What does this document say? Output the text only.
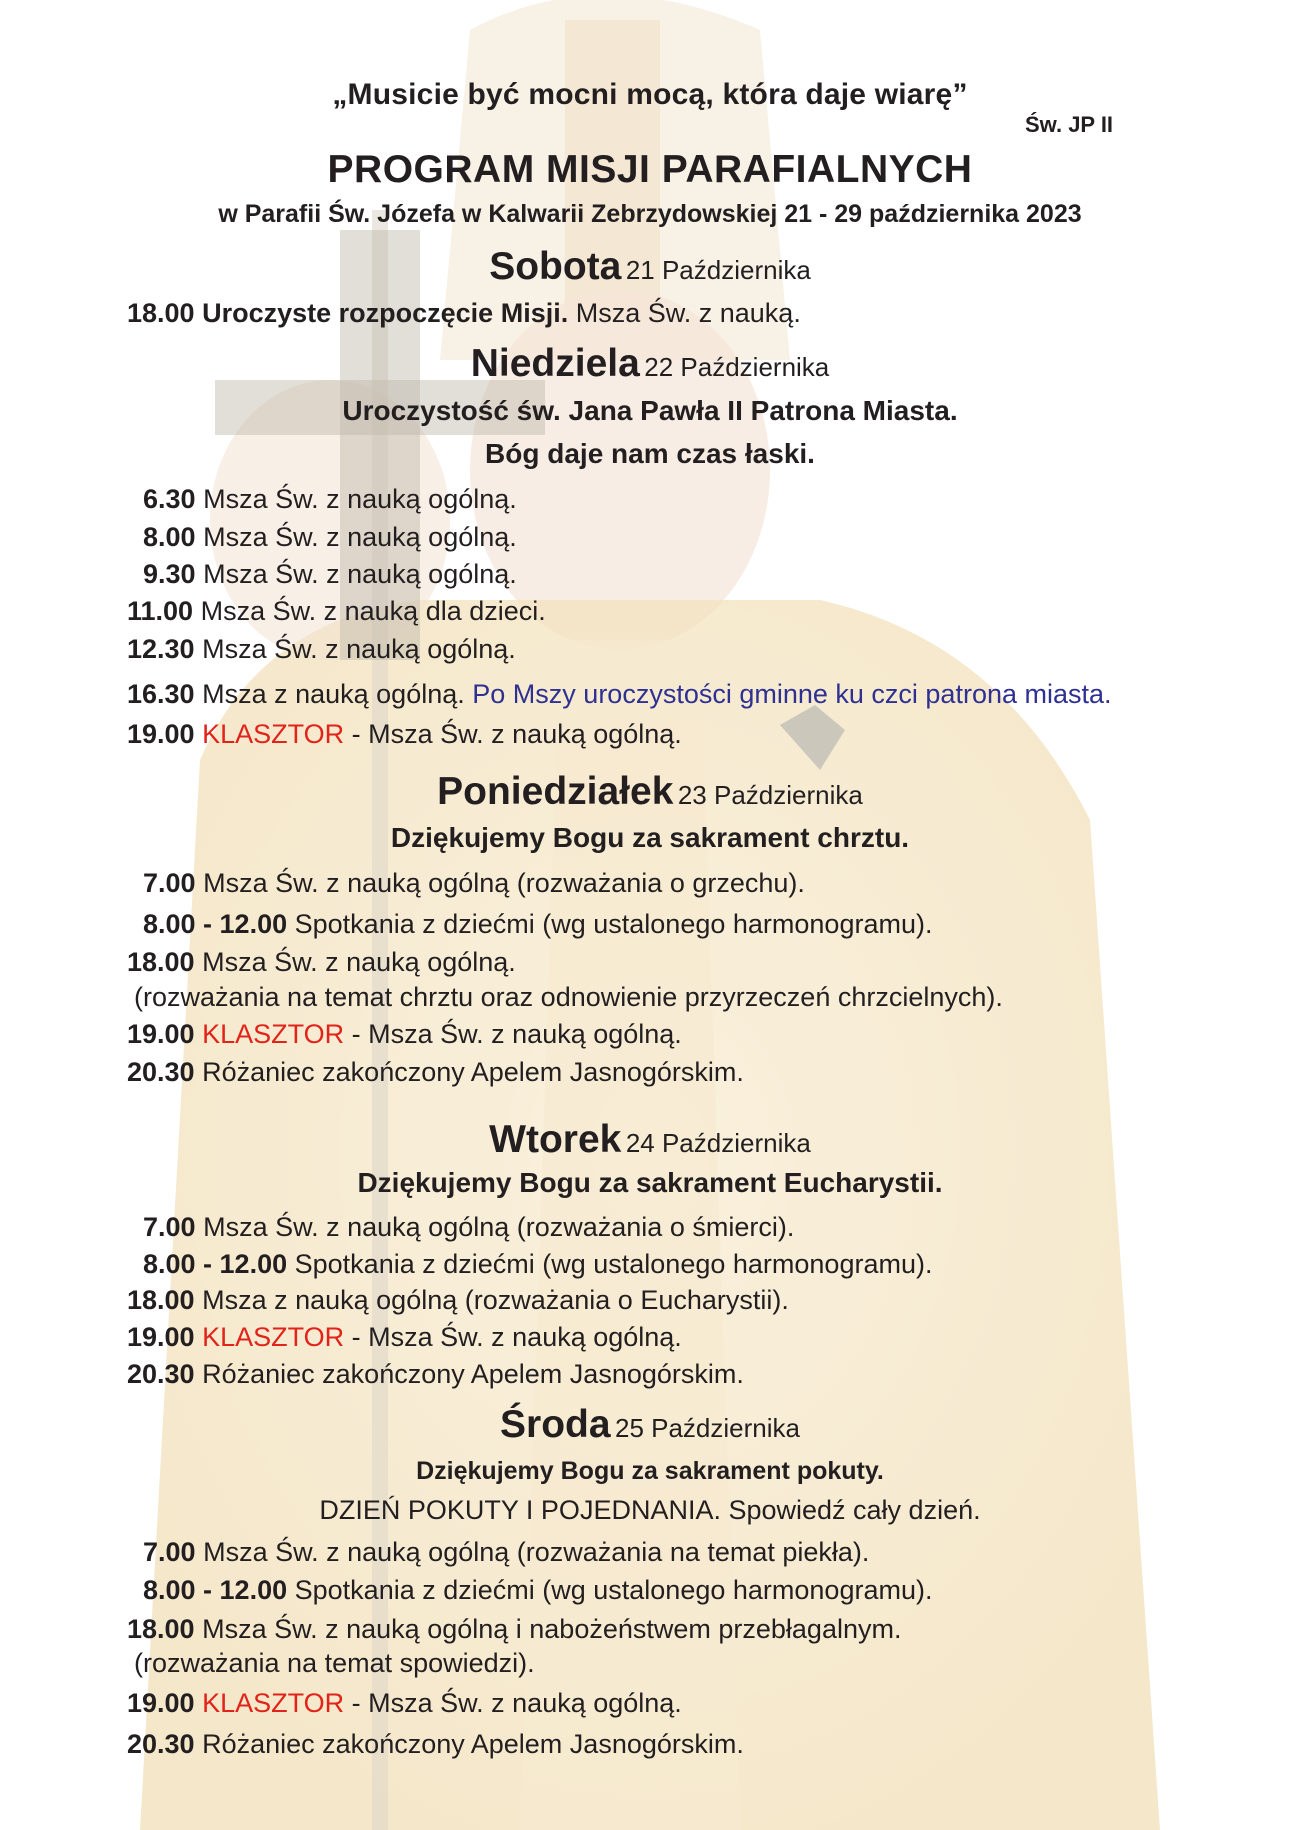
„Musicie być mocni mocą, która daje wiarę”
Św. JP II
PROGRAM MISJI PARAFIALNYCH
w Parafii Św. Józefa w Kalwarii Zebrzydowskiej 21 - 29 października 2023
Sobota 21 Października
18.00 Uroczyste rozpoczęcie Misji. Msza Św. z nauką.
Niedziela 22 Października
Uroczystość św. Jana Pawła II Patrona Miasta.
Bóg daje nam czas łaski.
6.30 Msza Św. z nauką ogólną.
8.00 Msza Św. z nauką ogólną.
9.30 Msza Św. z nauką ogólną.
11.00 Msza Św. z nauką dla dzieci.
12.30 Msza Św. z nauką ogólną.
16.30 Msza z nauką ogólną. Po Mszy uroczystości gminne ku czci patrona miasta.
19.00 KLASZTOR - Msza Św. z nauką ogólną.
Poniedziałek 23 Października
Dziękujemy Bogu za sakrament chrztu.
7.00 Msza Św. z nauką ogólną (rozważania o grzechu).
8.00 - 12.00 Spotkania z dziećmi (wg ustalonego harmonogramu).
18.00 Msza Św. z nauką ogólną.
(rozważania na temat chrztu oraz odnowienie przyrzeczeń chrzcielnych).
19.00 KLASZTOR - Msza Św. z nauką ogólną.
20.30 Różaniec zakończony Apelem Jasnogórskim.
Wtorek 24 Października
Dziękujemy Bogu za sakrament Eucharystii.
7.00 Msza Św. z nauką ogólną (rozważania o śmierci).
8.00 - 12.00 Spotkania z dziećmi (wg ustalonego harmonogramu).
18.00 Msza z nauką ogólną (rozważania o Eucharystii).
19.00 KLASZTOR - Msza Św. z nauką ogólną.
20.30 Różaniec zakończony Apelem Jasnogórskim.
Środa 25 Października
Dziękujemy Bogu za sakrament pokuty.
DZIEŃ POKUTY I POJEDNANIA. Spowiedź cały dzień.
7.00 Msza Św. z nauką ogólną (rozważania na temat piekła).
8.00 - 12.00 Spotkania z dziećmi (wg ustalonego harmonogramu).
18.00 Msza Św. z nauką ogólną i nabożeństwem przebłagalnym.
(rozważania na temat spowiedzi).
19.00 KLASZTOR - Msza Św. z nauką ogólną.
20.30 Różaniec zakończony Apelem Jasnogórskim.
